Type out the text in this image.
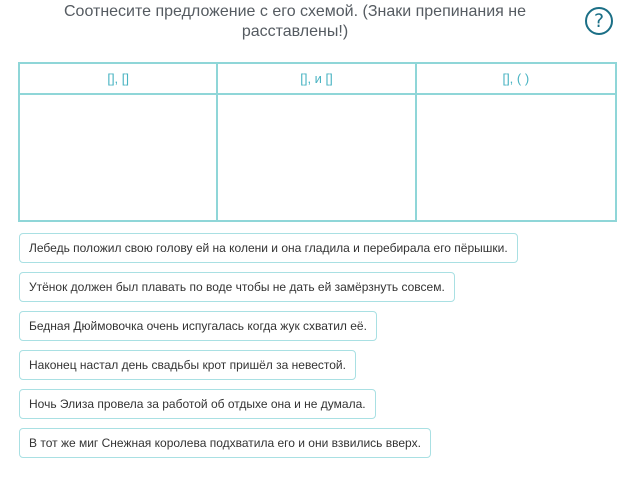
Соотнесите предложение с его схемой. (Знаки препинания не расставлены!)	?
[], []	[], и []	[], ( )
Лебедь положил свою голову ей на колени и она гладила и перебирала его пёрышки.
Утёнок должен был плавать по воде чтобы не дать ей замёрзнуть совсем.
Бедная Дюймовочка очень испугалась когда жук схватил её.
Наконец настал день свадьбы крот пришёл за невестой.
Ночь Элиза провела за работой об отдыхе она и не думала.
В тот же миг Снежная королева подхватила его и они взвились вверх.
